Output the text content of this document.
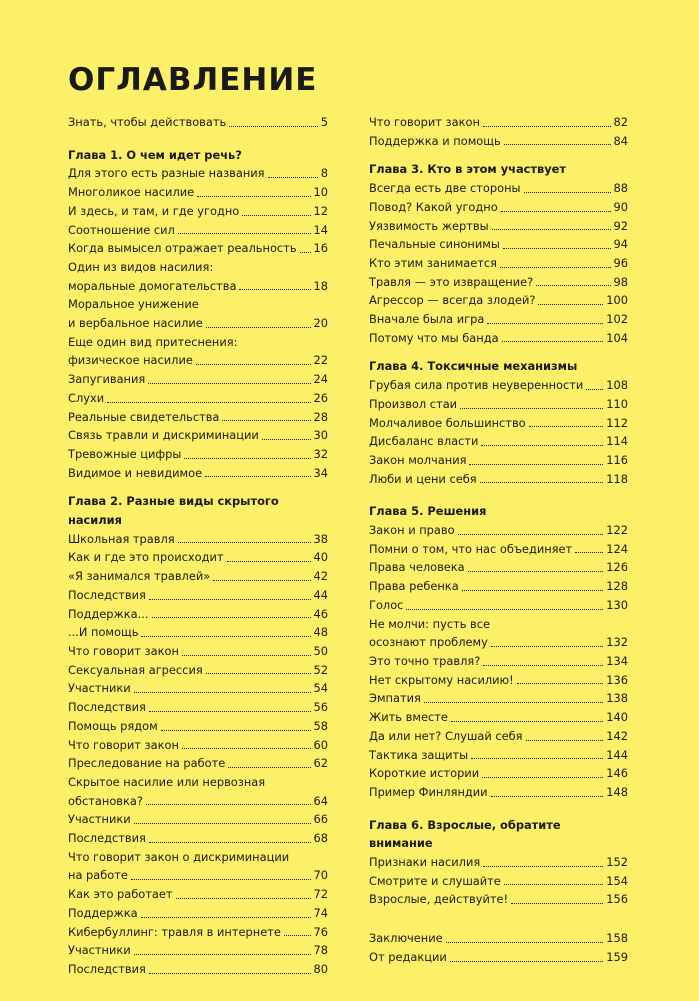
ОГЛАВЛЕНИЕ
Знать, чтобы действовать	5
Глава 1. О чем идет речь?
Для этого есть разные названия	8
Многоликое насилие	10
И здесь, и там, и где угодно	12
Соотношение сил	14
Когда вымысел отражает реальность 16
Один из видов насилия:
моральные домогательства	18
Моральное унижение
и вербальное насилие	20
Еще один вид притеснения:
физическое насилие	22
Запугивания	24
Слухи	26
Реальные свидетельства	28
Связь травли и дискриминации	30
Тревожные цифры	32
Видимое и невидимое	34
Глава 2. Разные виды скрытого насилия
Школьная травля	38
Как и где это происходит	40
«Я занимался травлей»	42
Последствия	44
Поддержка...	46
...И помощь	48
Что говорит закон	50
Сексуальная агрессия	52
Участники	54
Последствия	56
Помощь рядом	58
Что говорит закон	60
Преследование на работе	62
Скрытое насилие или нервозная
обстановка?	64
Участники	66
Последствия	68
Что говорит закон о дискриминации
на работе	70
Как это работает	72
Поддержка	74
Кибербуллинг: травля в интернете	76
Участники	78
Последствия	80
Что говорит закон	82
Поддержка и помощь	84
Глава 3. Кто в этом участвует
Всегда есть две стороны	88
Повод? Какой угодно	90
Уязвимость жертвы	92
Печальные синонимы	94
Кто этим занимается	96
Травля — это извращение?	98
Агрессор — всегда злодей?	100
Вначале была игра	102
Потому что мы банда	104
Глава 4. Токсичные механизмы
Грубая сила против неуверенности 108
Произвол стаи	110
Молчаливое большинство	112
Дисбаланс власти	114
Закон молчания	116
Люби и цени себя	118
Глава 5. Решения
Закон и право	122
Помни о том, что нас объединяет	124
Права человека	126
Права ребенка	128
Голос	130
Не молчи: пусть все
осознают проблему	132
Это точно травля?	134
Нет скрытому насилию!	136
Эмпатия	138
Жить вместе	140
Да или нет? Слушай себя	142
Тактика защиты	144
Короткие истории	146
Пример Финляндии	148
Глава 6. Взрослые, обратите внимание
Признаки насилия	152
Смотрите и слушайте	154
Взрослые, действуйте!	156
Заключение	158
От редакции	159
